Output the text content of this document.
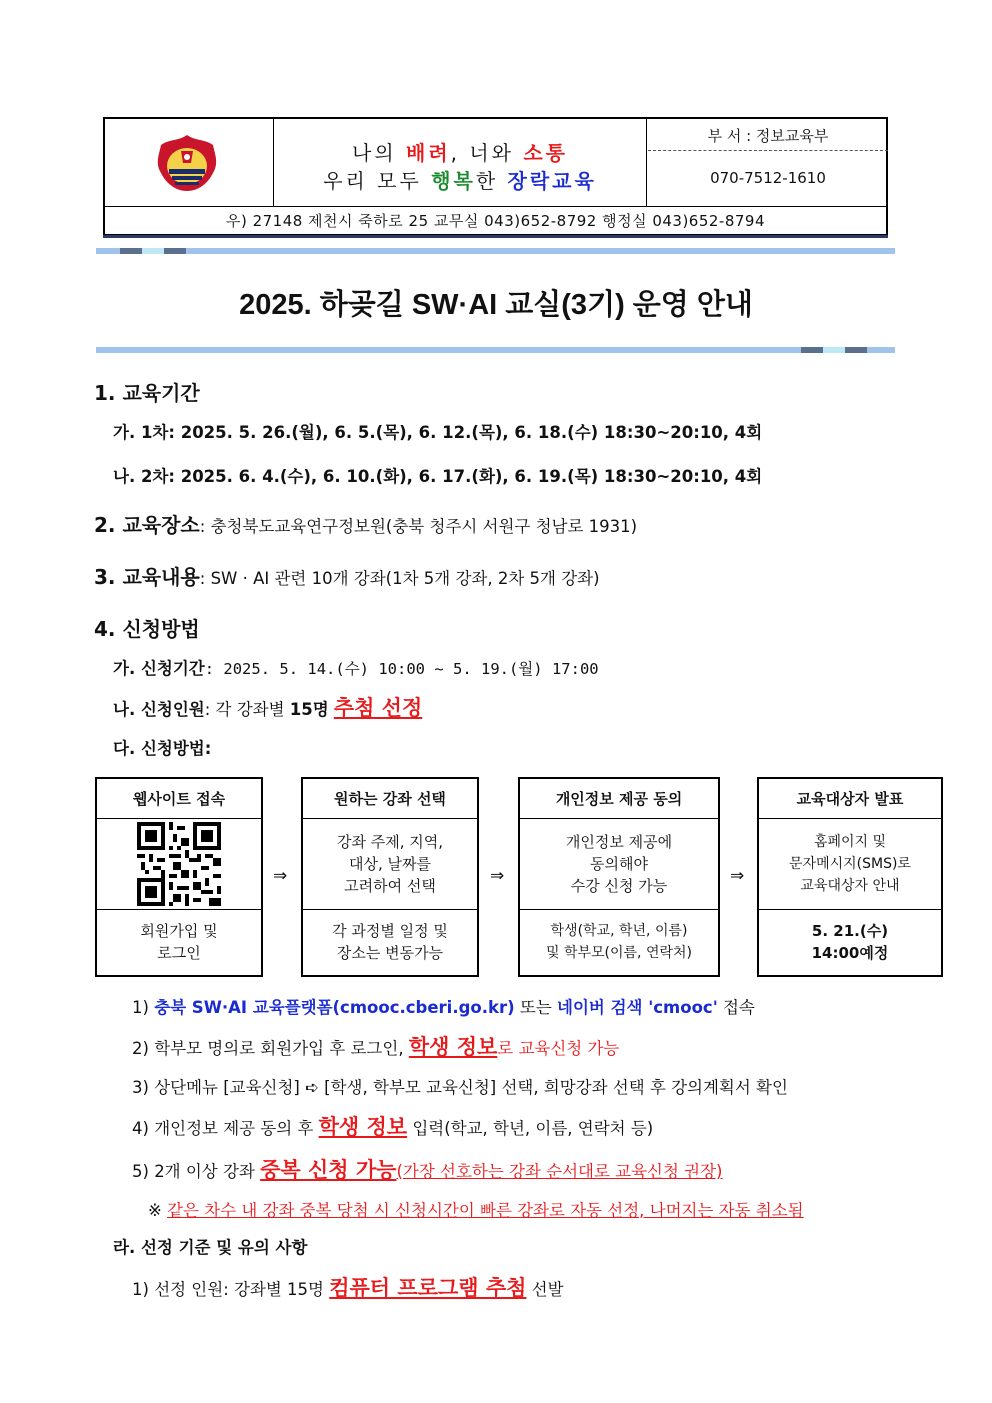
나의 배려, 너와 소통
우리 모두 행복한 장락교육
부 서 : 정보교육부
070-7512-1610
우) 27148 제천시 죽하로 25 교무실 043)652-8792 행정실 043)652-8794
2025. 하곶길 SW·AI 교실(3기) 운영 안내
1. 교육기간
가. 1차: 2025. 5. 26.(월), 6. 5.(목), 6. 12.(목), 6. 18.(수) 18:30~20:10, 4회
나. 2차: 2025. 6. 4.(수), 6. 10.(화), 6. 17.(화), 6. 19.(목) 18:30~20:10, 4회
2. 교육장소: 충청북도교육연구정보원(충북 청주시 서원구 청남로 1931)
3. 교육내용: SW · AI 관련 10개 강좌(1차 5개 강좌, 2차 5개 강좌)
4. 신청방법
가. 신청기간: 2025. 5. 14.(수) 10:00 ~ 5. 19.(월) 17:00
나. 신청인원: 각 강좌별 15명 추첨 선정
다. 신청방법:
웹사이트 접속
회원가입 및
로그인
⇒
원하는 강좌 선택
강좌 주제, 지역,
대상, 날짜를
고려하여 선택
각 과정별 일정 및
장소는 변동가능
⇒
개인정보 제공 동의
개인정보 제공에
동의해야
수강 신청 가능
학생(학교, 학년, 이름)
및 학부모(이름, 연락처)
⇒
교육대상자 발표
홈페이지 및
문자메시지(SMS)로
교육대상자 안내
5. 21.(수)
14:00예정
1) 충북 SW·AI 교육플랫폼(cmooc.cberi.go.kr) 또는 네이버 검색 'cmooc' 접속
2) 학부모 명의로 회원가입 후 로그인, 학생 정보로 교육신청 가능
3) 상단메뉴 [교육신청] ➪ [학생, 학부모 교육신청] 선택, 희망강좌 선택 후 강의계획서 확인
4) 개인정보 제공 동의 후 학생 정보 입력(학교, 학년, 이름, 연락처 등)
5) 2개 이상 강좌 중복 신청 가능(가장 선호하는 강좌 순서대로 교육신청 권장)
※ 같은 차수 내 강좌 중복 당첨 시 신청시간이 빠른 강좌로 자동 선정, 나머지는 자동 취소됨
라. 선정 기준 및 유의 사항
1) 선정 인원: 강좌별 15명 컴퓨터 프로그램 추첨 선발
